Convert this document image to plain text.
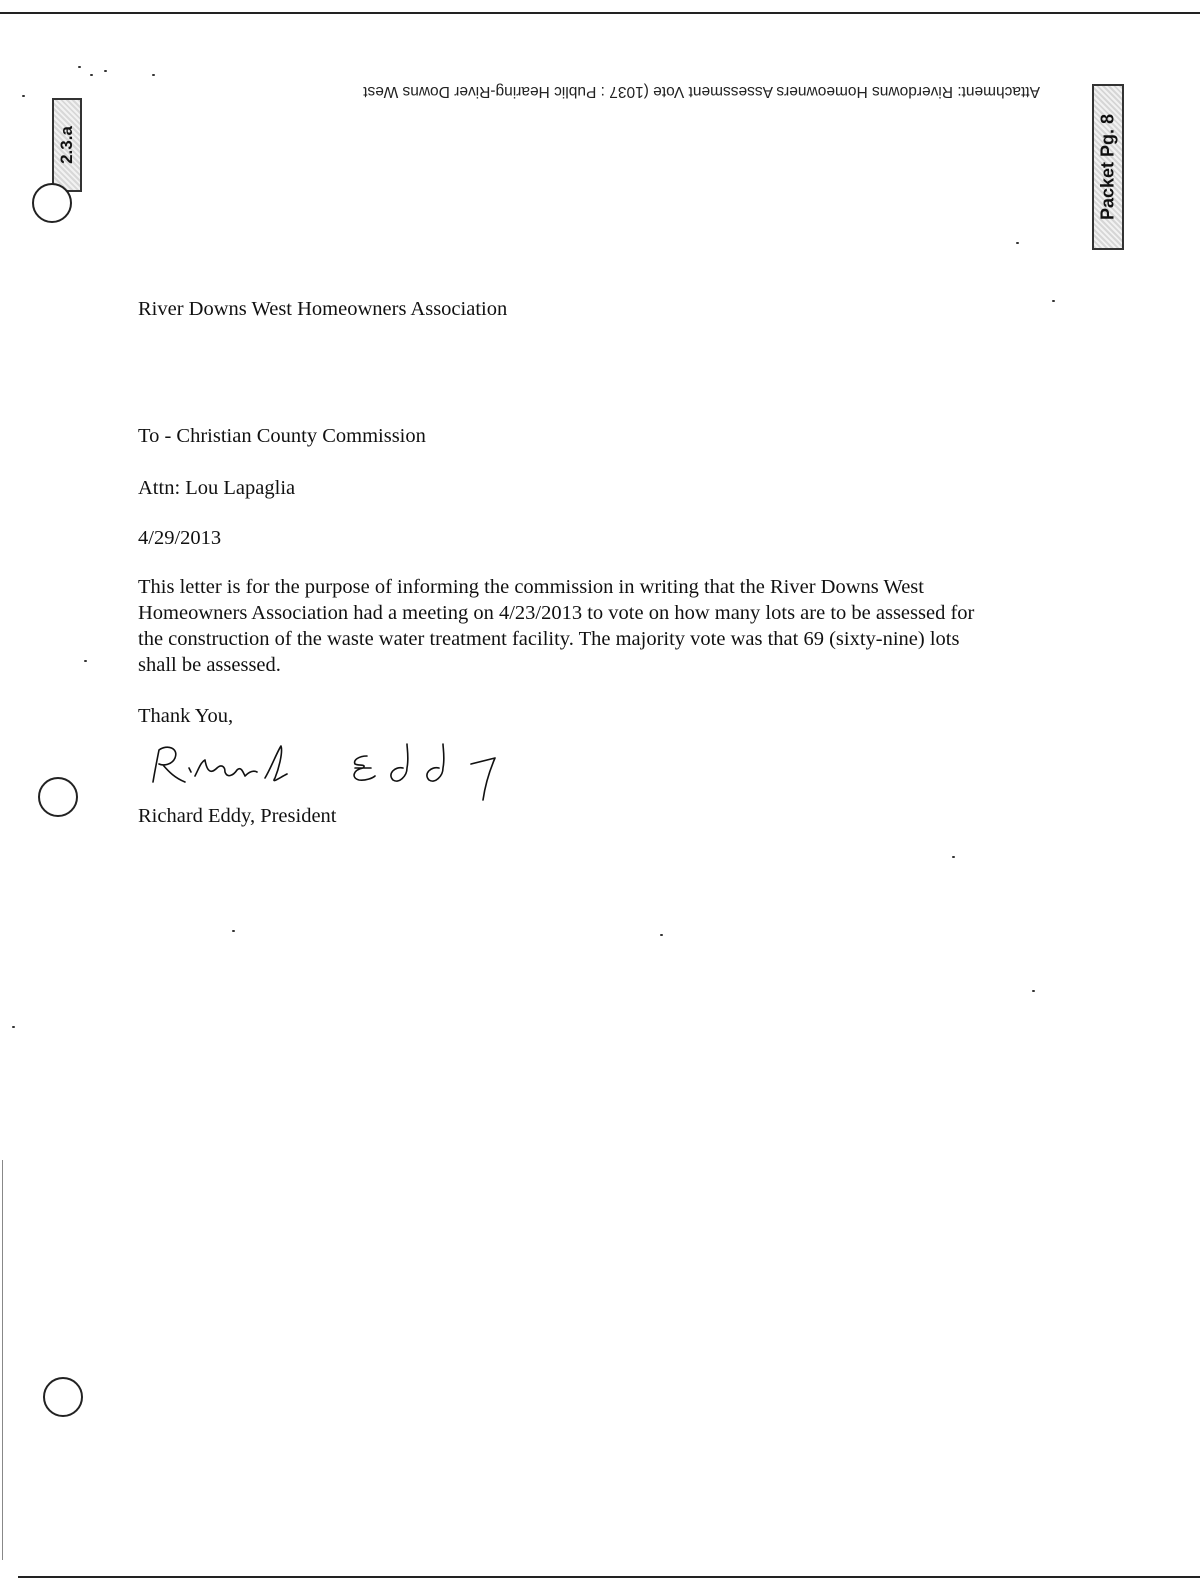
Attachment: Riverdowns Homeowners Assessment Vote (1037 : Public Hearing-River Downs West
2.3.a	Packet Pg. 8
River Downs West Homeowners Association
To - Christian County Commission
Attn: Lou Lapaglia
4/29/2013
This letter is for the purpose of informing the commission in writing that the River Downs West
Homeowners Association had a meeting on 4/23/2013 to vote on how many lots are to be assessed for
the construction of the waste water treatment facility. The majority vote was that 69 (sixty-nine) lots
shall be assessed.
Thank You,
Richard Eddy, President
